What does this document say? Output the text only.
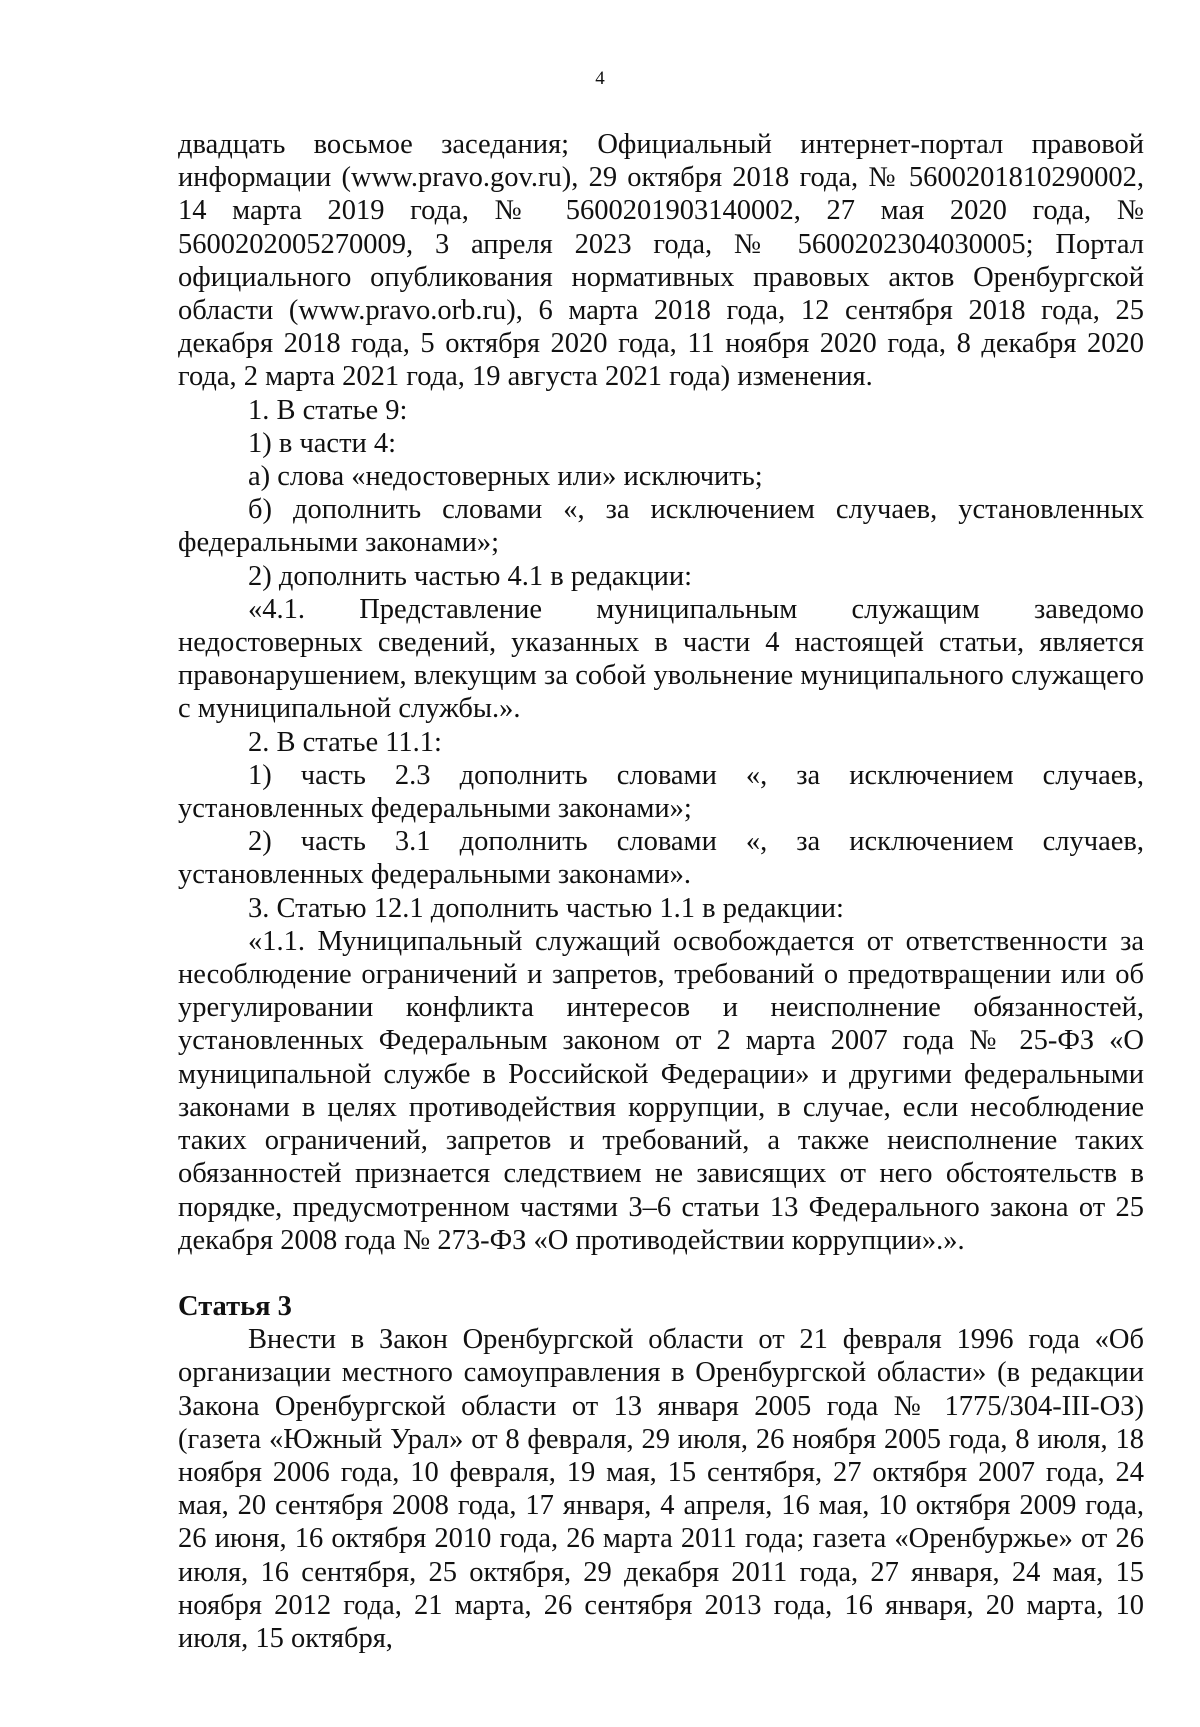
4

двадцать восьмое заседания; Официальный интернет-портал правовой информации (www.pravo.gov.ru), 29 октября 2018 года, № 5600201810290002, 14 марта 2019 года, № 5600201903140002, 27 мая 2020 года, № 5600202005270009, 3 апреля 2023 года, № 5600202304030005; Портал официального опубликования нормативных правовых актов Оренбургской области (www.pravo.orb.ru), 6 марта 2018 года, 12 сентября 2018 года, 25 декабря 2018 года, 5 октября 2020 года, 11 ноября 2020 года, 8 декабря 2020 года, 2 марта 2021 года, 19 августа 2021 года) изменения.

1. В статье 9:

1) в части 4:

а) слова «недостоверных или» исключить;

б) дополнить словами «, за исключением случаев, установленных федеральными законами»;

2) дополнить частью 4.1 в редакции:

«4.1. Представление муниципальным служащим заведомо недостоверных сведений, указанных в части 4 настоящей статьи, является правонарушением, влекущим за собой увольнение муниципального служащего с муниципальной службы.».

2. В статье 11.1:

1) часть 2.3 дополнить словами «, за исключением случаев, установленных федеральными законами»;

2) часть 3.1 дополнить словами «, за исключением случаев, установленных федеральными законами».

3. Статью 12.1 дополнить частью 1.1 в редакции:

«1.1. Муниципальный служащий освобождается от ответственности за несоблюдение ограничений и запретов, требований о предотвращении или об урегулировании конфликта интересов и неисполнение обязанностей, установленных Федеральным законом от 2 марта 2007 года № 25-ФЗ «О муниципальной службе в Российской Федерации» и другими федеральными законами в целях противодействия коррупции, в случае, если несоблюдение таких ограничений, запретов и требований, а также неисполнение таких обязанностей признается следствием не зависящих от него обстоятельств в порядке, предусмотренном частями 3–6 статьи 13 Федерального закона от 25 декабря 2008 года № 273-ФЗ «О противодействии коррупции».».

Статья 3

Внести в Закон Оренбургской области от 21 февраля 1996 года «Об организации местного самоуправления в Оренбургской области» (в редакции Закона Оренбургской области от 13 января 2005 года № 1775/304-III-ОЗ) (газета «Южный Урал» от 8 февраля, 29 июля, 26 ноября 2005 года, 8 июля, 18 ноября 2006 года, 10 февраля, 19 мая, 15 сентября, 27 октября 2007 года, 24 мая, 20 сентября 2008 года, 17 января, 4 апреля, 16 мая, 10 октября 2009 года, 26 июня, 16 октября 2010 года, 26 марта 2011 года; газета «Оренбуржье» от 26 июля, 16 сентября, 25 октября, 29 декабря 2011 года, 27 января, 24 мая, 15 ноября 2012 года, 21 марта, 26 сентября 2013 года, 16 января, 20 марта, 10 июля, 15 октября,
